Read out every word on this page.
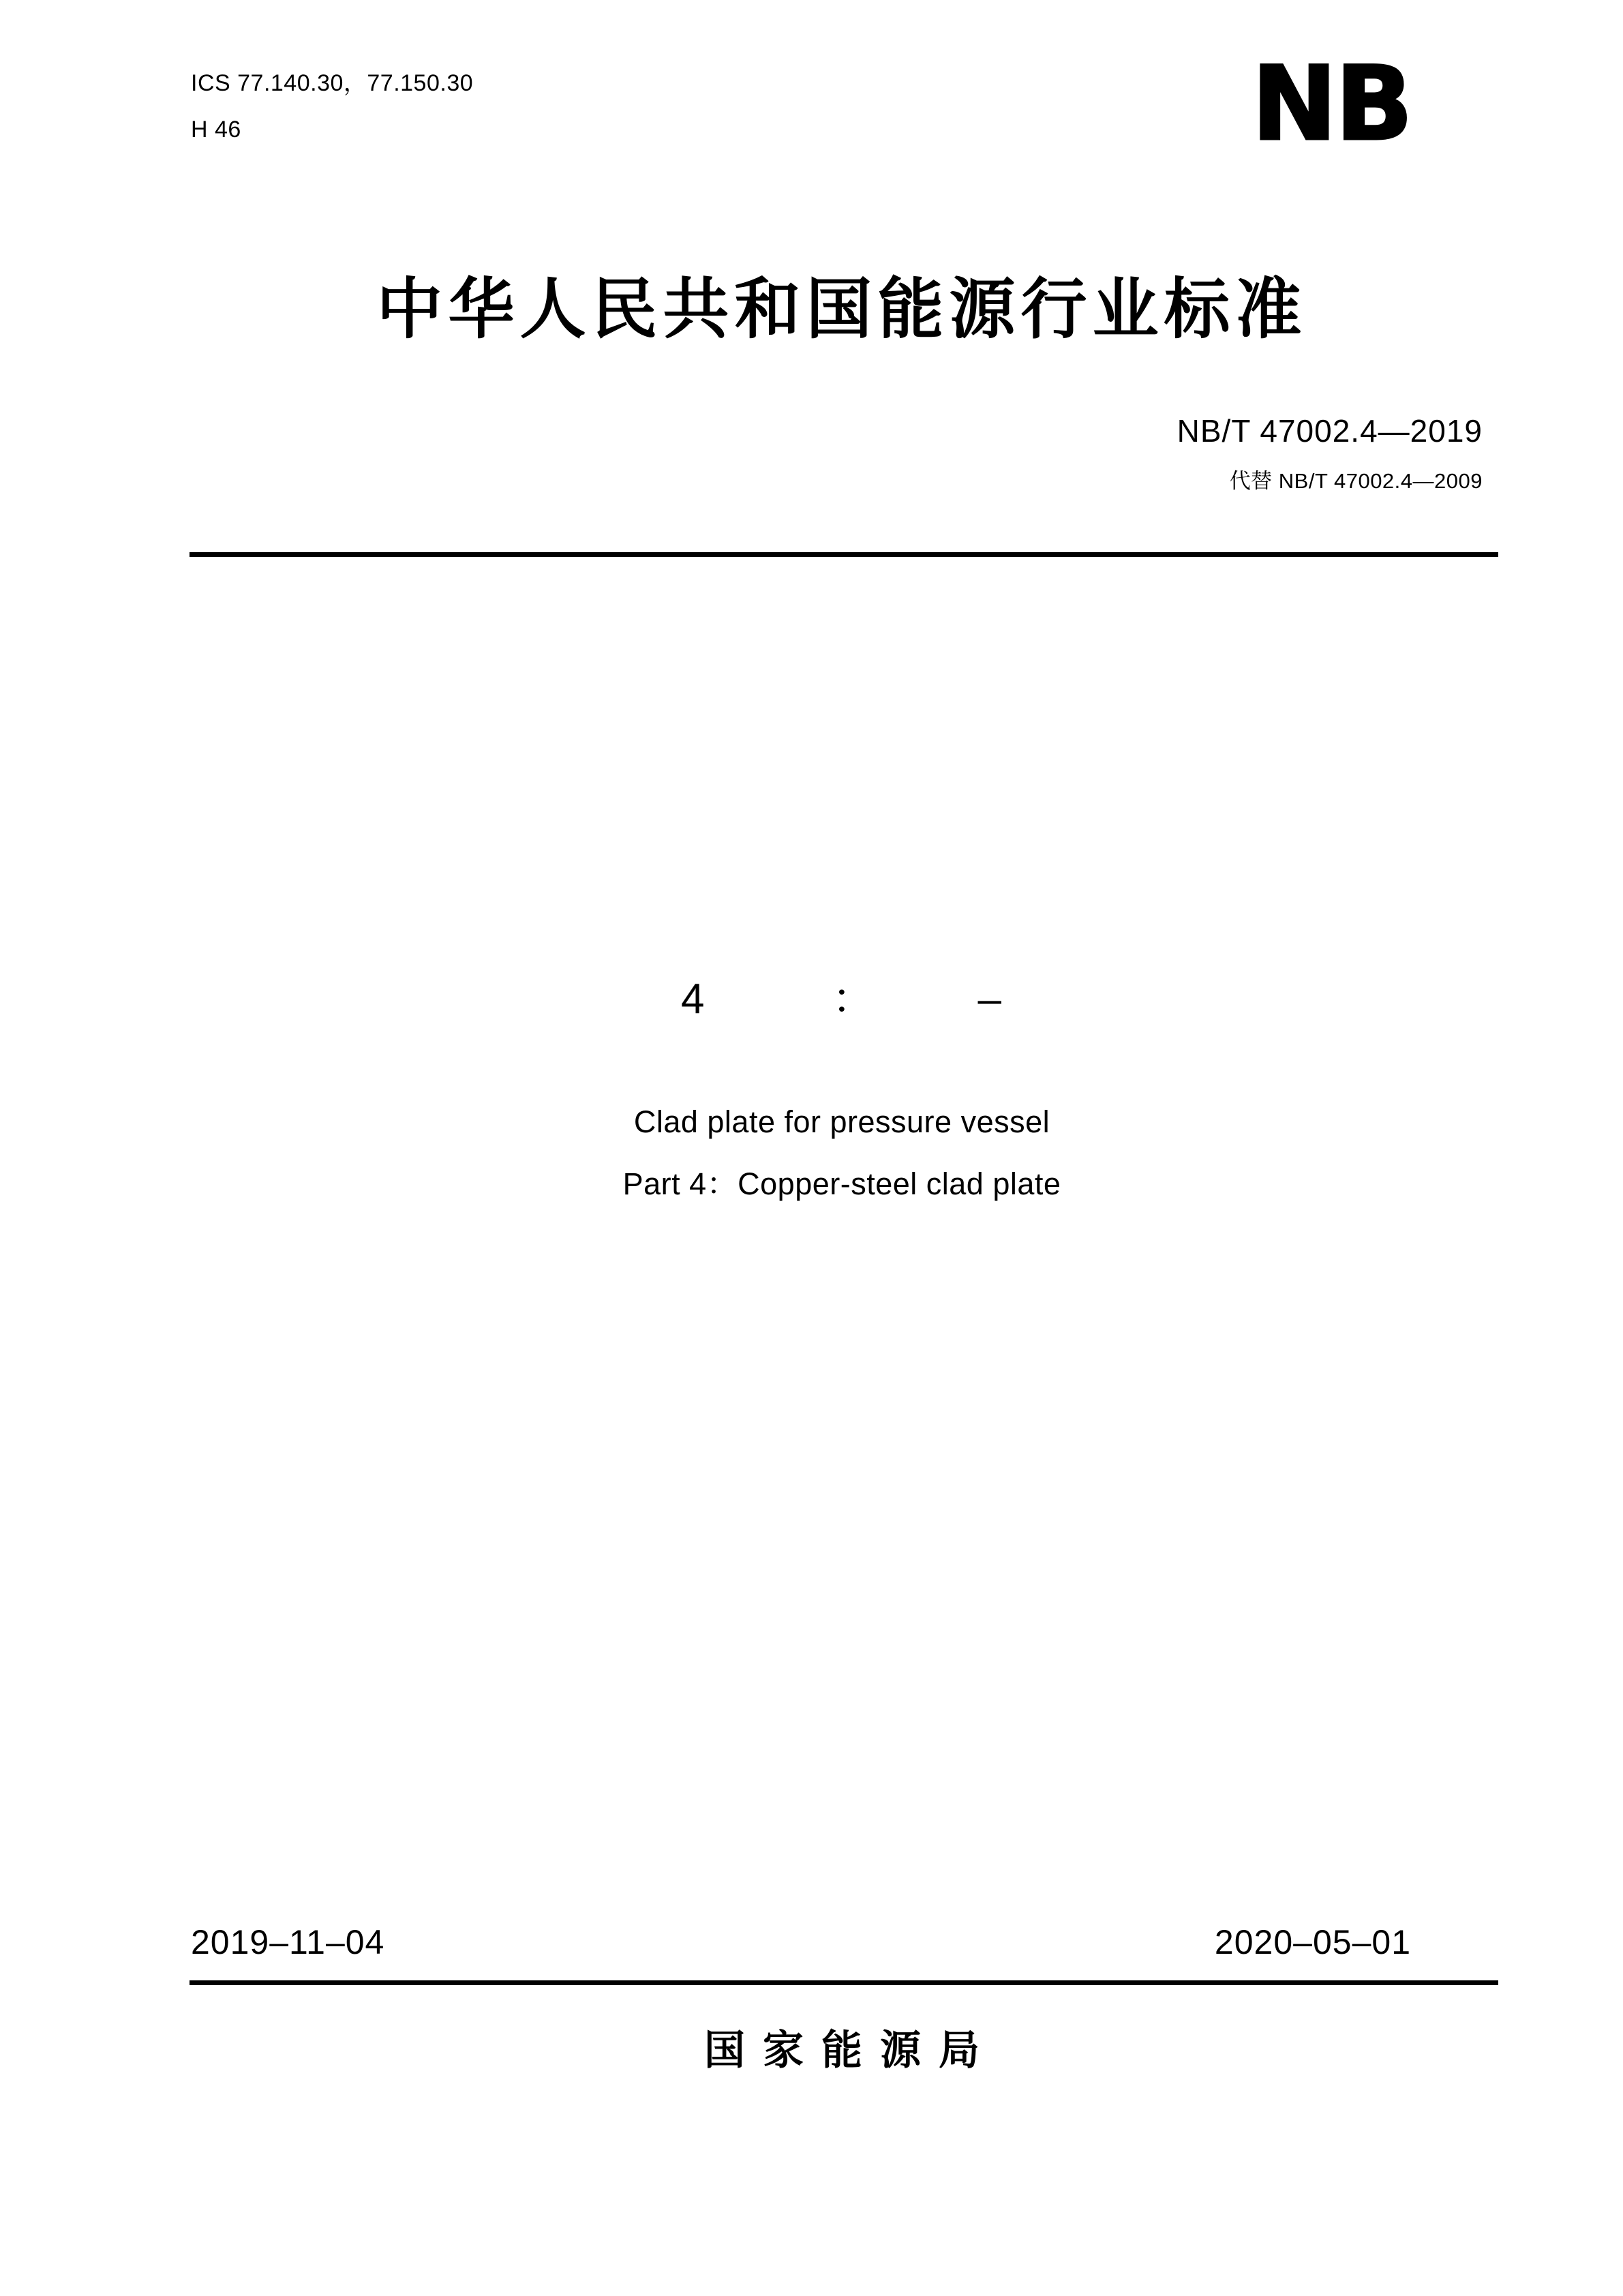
ICS 77.140.30，77.150.30
H 46	NB
中华人民共和国能源行业标准
NB/T 47002.4—2019
代替 NB/T 47002.4—2009
4	： –
Clad plate for pressure vessel
Part 4：Copper-steel clad plate
2019–11–04	2020–05–01
国家能源局
